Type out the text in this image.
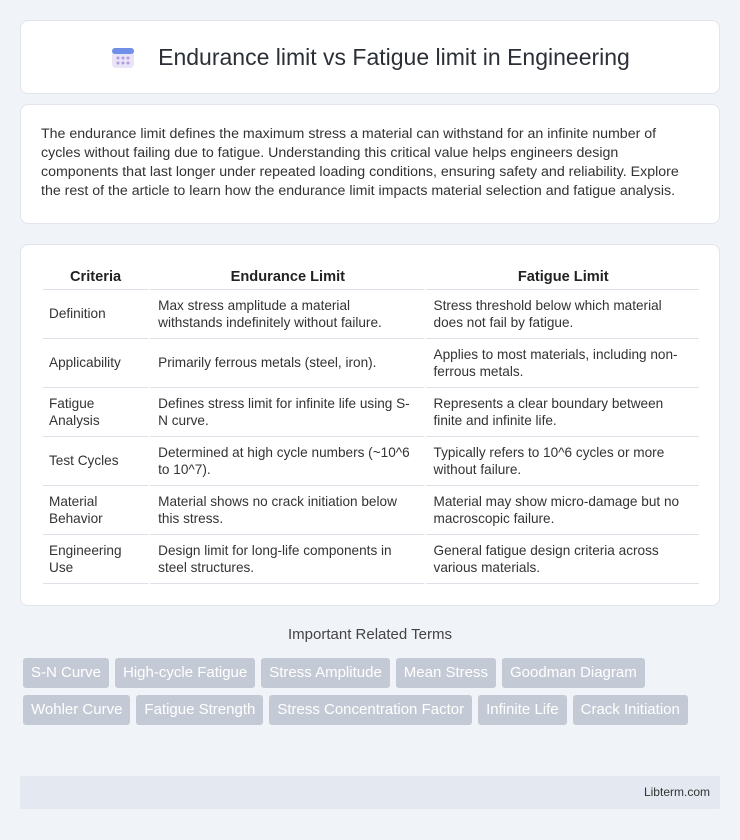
Endurance limit vs Fatigue limit in Engineering

The endurance limit defines the maximum stress a material can withstand for an infinite number of cycles without failing due to fatigue. Understanding this critical value helps engineers design components that last longer under repeated loading conditions, ensuring safety and reliability. Explore the rest of the article to learn how the endurance limit impacts material selection and fatigue analysis.

Criteria	Endurance Limit	Fatigue Limit
Definition	Max stress amplitude a material withstands indefinitely without failure.	Stress threshold below which material does not fail by fatigue.
Applicability	Primarily ferrous metals (steel, iron).	Applies to most materials, including non-ferrous metals.
Fatigue Analysis	Defines stress limit for infinite life using S-N curve.	Represents a clear boundary between finite and infinite life.
Test Cycles	Determined at high cycle numbers (~10^6 to 10^7).	Typically refers to 10^6 cycles or more without failure.
Material Behavior	Material shows no crack initiation below this stress.	Material may show micro-damage but no macroscopic failure.
Engineering Use	Design limit for long-life components in steel structures.	General fatigue design criteria across various materials.
Important Related Terms
S-N Curve	High-cycle Fatigue	Stress Amplitude	Mean Stress	Goodman Diagram
Wohler Curve	Fatigue Strength	Stress Concentration Factor	Infinite Life	Crack Initiation
Libterm.com
